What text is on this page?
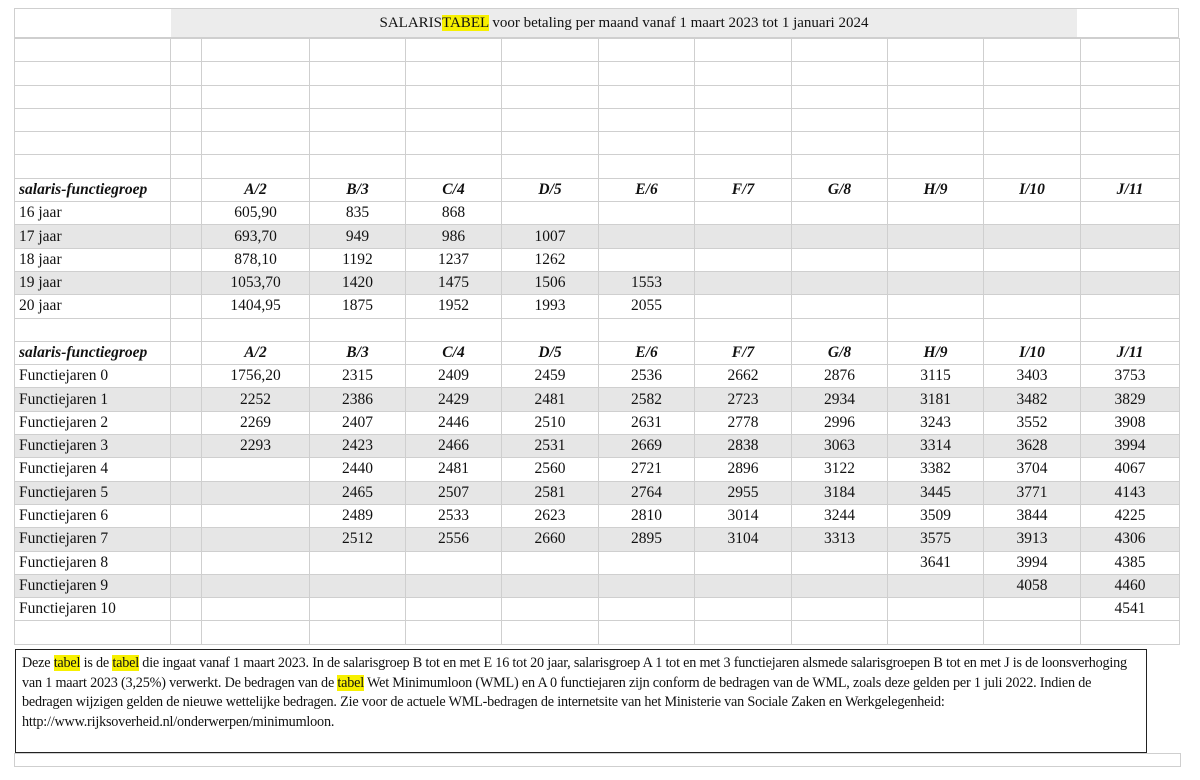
SALARISTABEL voor betaling per maand vanaf 1 maart 2023 tot 1 januari 2024

salaris-functiegroep		A/2	B/3	C/4	D/5	E/6	F/7	G/8	H/9	I/10	J/11
16 jaar		605,90	835	868							
17 jaar		693,70	949	986	1007						
18 jaar		878,10	1192	1237	1262						
19 jaar		1053,70	1420	1475	1506	1553					
20 jaar		1404,95	1875	1952	1993	2055					

salaris-functiegroep		A/2	B/3	C/4	D/5	E/6	F/7	G/8	H/9	I/10	J/11
Functiejaren 0		1756,20	2315	2409	2459	2536	2662	2876	3115	3403	3753
Functiejaren 1		2252	2386	2429	2481	2582	2723	2934	3181	3482	3829
Functiejaren 2		2269	2407	2446	2510	2631	2778	2996	3243	3552	3908
Functiejaren 3		2293	2423	2466	2531	2669	2838	3063	3314	3628	3994
Functiejaren 4			2440	2481	2560	2721	2896	3122	3382	3704	4067
Functiejaren 5			2465	2507	2581	2764	2955	3184	3445	3771	4143
Functiejaren 6			2489	2533	2623	2810	3014	3244	3509	3844	4225
Functiejaren 7			2512	2556	2660	2895	3104	3313	3575	3913	4306
Functiejaren 8									3641	3994	4385
Functiejaren 9										4058	4460
Functiejaren 10											4541

Deze tabel is de tabel die ingaat vanaf 1 maart 2023. In de salarisgroep B tot en met E 16 tot 20 jaar, salarisgroep A 1 tot en met 3 functiejaren alsmede salarisgroepen B tot en met J is de loonsverhoging van 1 maart 2023 (3,25%) verwerkt. De bedragen van de tabel Wet Minimumloon (WML) en A 0 functiejaren zijn conform de bedragen van de WML, zoals deze gelden per 1 juli 2022. Indien de bedragen wijzigen gelden de nieuwe wettelijke bedragen. Zie voor de actuele WML-bedragen de internetsite van het Ministerie van Sociale Zaken en Werkgelegenheid: http://www.rijksoverheid.nl/onderwerpen/minimumloon.
